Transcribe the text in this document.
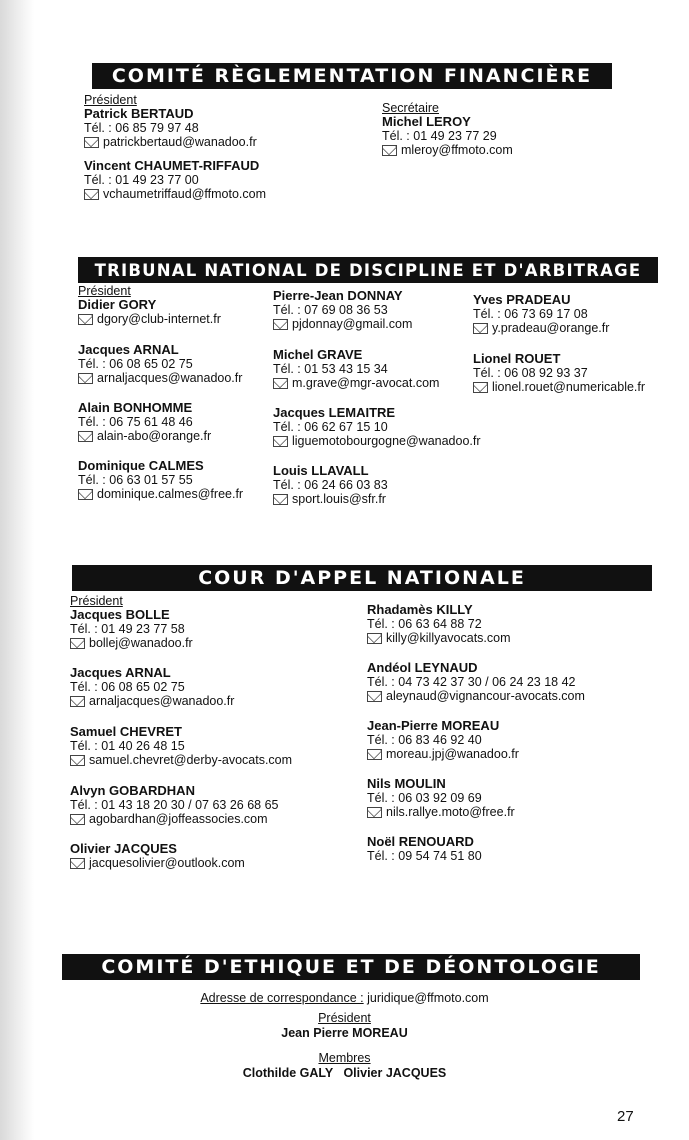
COMITÉ RÈGLEMENTATION FINANCIÈRE
Président
Patrick BERTAUD
Tél. : 06 85 79 97 48
patrickbertaud@wanadoo.fr
Vincent CHAUMET-RIFFAUD
Tél. : 01 49 23 77 00
vchaumetriffaud@ffmoto.com
Secrétaire
Michel LEROY
Tél. : 01 49 23 77 29
mleroy@ffmoto.com
TRIBUNAL NATIONAL DE DISCIPLINE ET D'ARBITRAGE
Président
Didier GORY
dgory@club-internet.fr
Jacques ARNAL
Tél. : 06 08 65 02 75
arnaljacques@wanadoo.fr
Alain BONHOMME
Tél. : 06 75 61 48 46
alain-abo@orange.fr
Dominique CALMES
Tél. : 06 63 01 57 55
dominique.calmes@free.fr
Pierre-Jean DONNAY
Tél. : 07 69 08 36 53
pjdonnay@gmail.com
Michel GRAVE
Tél. : 01 53 43 15 34
m.grave@mgr-avocat.com
Jacques LEMAITRE
Tél. : 06 62 67 15 10
liguemotobourgogne@wanadoo.fr
Louis LLAVALL
Tél. : 06 24 66 03 83
sport.louis@sfr.fr
Yves PRADEAU
Tél. : 06 73 69 17 08
y.pradeau@orange.fr
Lionel ROUET
Tél. : 06 08 92 93 37
lionel.rouet@numericable.fr
COUR D'APPEL NATIONALE
Président
Jacques BOLLE
Tél. : 01 49 23 77 58
bollej@wanadoo.fr
Jacques ARNAL
Tél. : 06 08 65 02 75
arnaljacques@wanadoo.fr
Samuel CHEVRET
Tél. : 01 40 26 48 15
samuel.chevret@derby-avocats.com
Alvyn GOBARDHAN
Tél. : 01 43 18 20 30 / 07 63 26 68 65
agobardhan@joffeassocies.com
Olivier JACQUES
jacquesolivier@outlook.com
Rhadamès KILLY
Tél. : 06 63 64 88 72
killy@killyavocats.com
Andéol LEYNAUD
Tél. : 04 73 42 37 30 / 06 24 23 18 42
aleynaud@vignancour-avocats.com
Jean-Pierre MOREAU
Tél. : 06 83 46 92 40
moreau.jpj@wanadoo.fr
Nils MOULIN
Tél. : 06 03 92 09 69
nils.rallye.moto@free.fr
Noël RENOUARD
Tél. : 09 54 74 51 80
COMITÉ D'ETHIQUE ET DE DÉONTOLOGIE
Adresse de correspondance : juridique@ffmoto.com
Président
Jean Pierre MOREAU
Membres
Clothilde GALY   Olivier JACQUES
27
